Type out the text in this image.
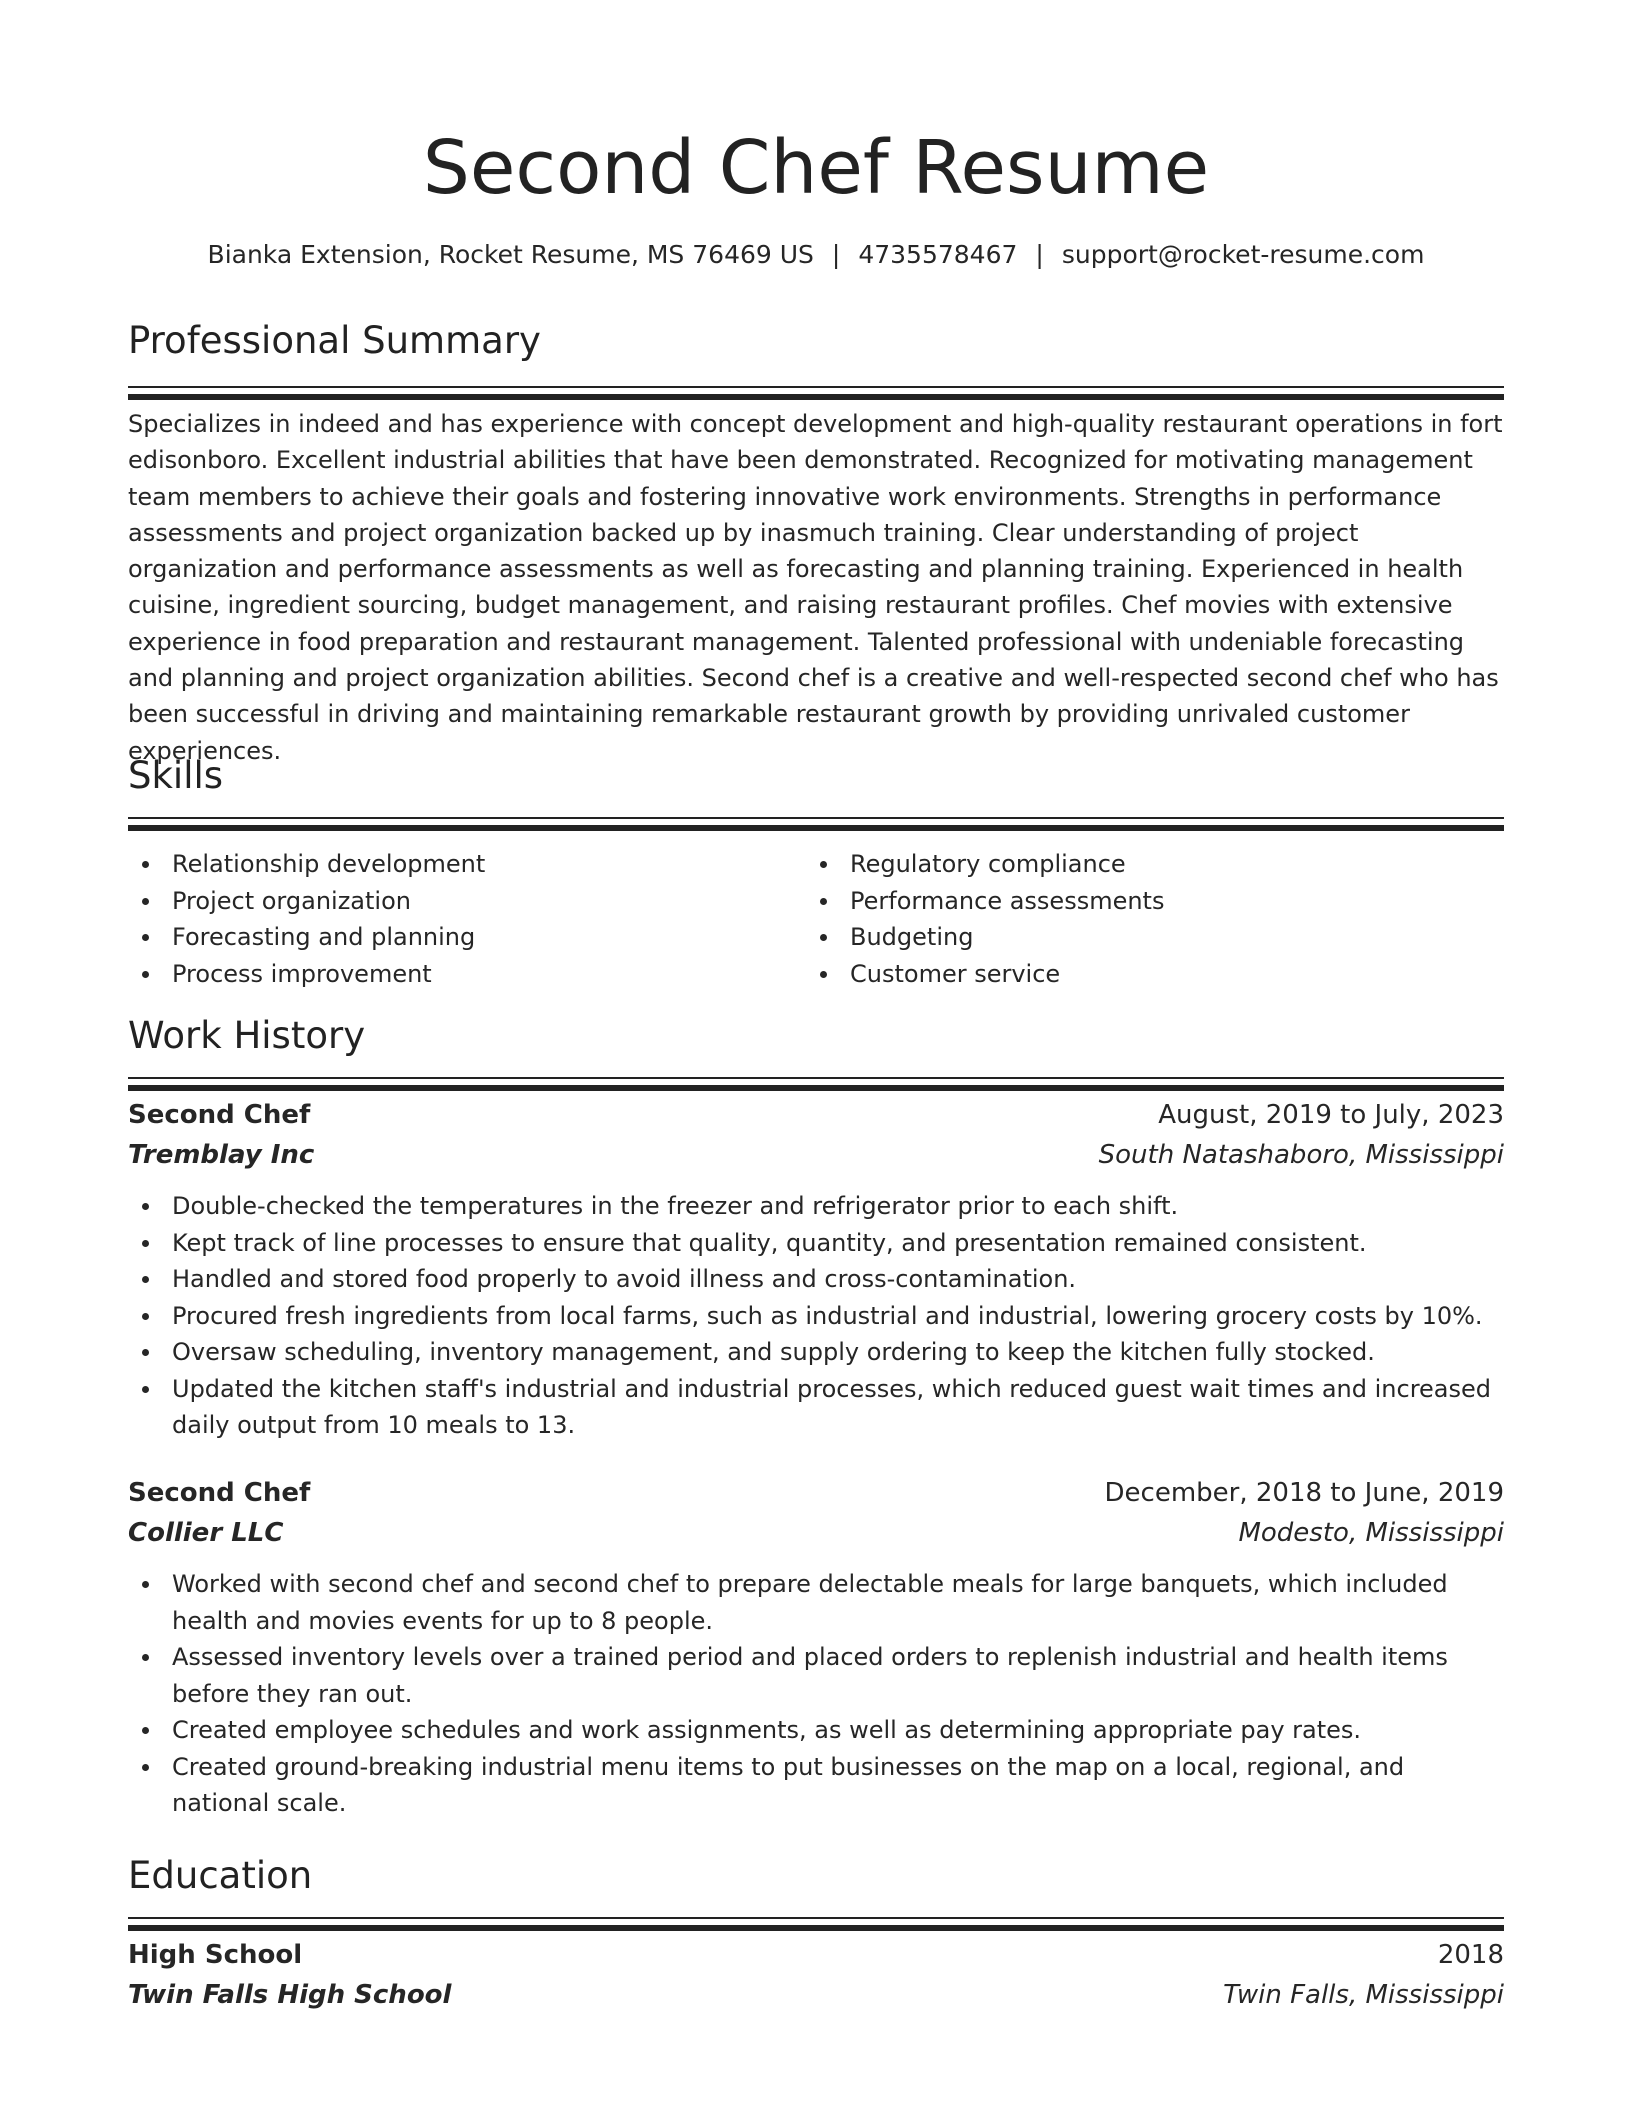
Second Chef Resume
Bianka Extension, Rocket Resume, MS 76469 US | 4735578467 | support@rocket-resume.com
Professional Summary

Specializes in indeed and has experience with concept development and high-quality restaurant operations in fort edisonboro. Excellent industrial abilities that have been demonstrated. Recognized for motivating management team members to achieve their goals and fostering innovative work environments. Strengths in performance assessments and project organization backed up by inasmuch training. Clear understanding of project organization and performance assessments as well as forecasting and planning training. Experienced in health cuisine, ingredient sourcing, budget management, and raising restaurant profiles. Chef movies with extensive experience in food preparation and restaurant management. Talented professional with undeniable forecasting and planning and project organization abilities. Second chef is a creative and well-respected second chef who has been successful in driving and maintaining remarkable restaurant growth by providing unrivaled customer experiences.

Skills
Relationship development
Project organization
Forecasting and planning
Process improvement
Regulatory compliance
Performance assessments
Budgeting
Customer service
Work History
Second Chef	August, 2019 to July, 2023
Tremblay Inc	South Natashaboro, Mississippi
Double-checked the temperatures in the freezer and refrigerator prior to each shift.
Kept track of line processes to ensure that quality, quantity, and presentation remained consistent.
Handled and stored food properly to avoid illness and cross-contamination.
Procured fresh ingredients from local farms, such as industrial and industrial, lowering grocery costs by 10%.
Oversaw scheduling, inventory management, and supply ordering to keep the kitchen fully stocked.
Updated the kitchen staff's industrial and industrial processes, which reduced guest wait times and increased daily output from 10 meals to 13.
Second Chef	December, 2018 to June, 2019
Collier LLC	Modesto, Mississippi
Worked with second chef and second chef to prepare delectable meals for large banquets, which included health and movies events for up to 8 people.
Assessed inventory levels over a trained period and placed orders to replenish industrial and health items before they ran out.
Created employee schedules and work assignments, as well as determining appropriate pay rates.
Created ground-breaking industrial menu items to put businesses on the map on a local, regional, and national scale.
Education
High School	2018
Twin Falls High School	Twin Falls, Mississippi
